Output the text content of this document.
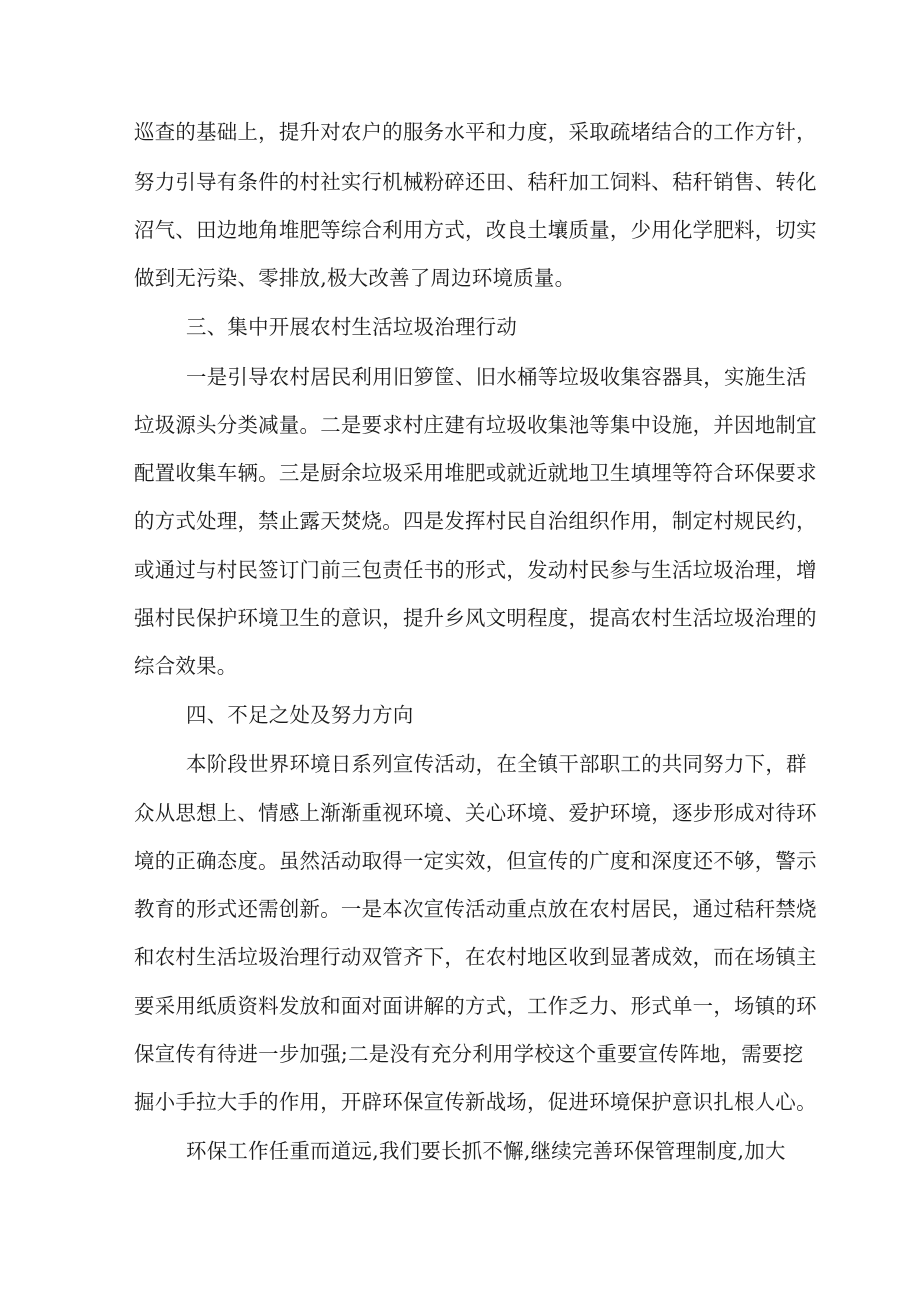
巡查的基础上，提升对农户的服务水平和力度，采取疏堵结合的工作方针，
努力引导有条件的村社实行机械粉碎还田、秸秆加工饲料、秸秆销售、转化
沼气、田边地角堆肥等综合利用方式，改良土壤质量，少用化学肥料，切实
做到无污染、零排放,极大改善了周边环境质量。
三、集中开展农村生活垃圾治理行动
一是引导农村居民利用旧箩筐、旧水桶等垃圾收集容器具，实施生活
垃圾源头分类减量。二是要求村庄建有垃圾收集池等集中设施，并因地制宜
配置收集车辆。三是厨余垃圾采用堆肥或就近就地卫生填埋等符合环保要求
的方式处理，禁止露天焚烧。四是发挥村民自治组织作用，制定村规民约，
或通过与村民签订门前三包责任书的形式，发动村民参与生活垃圾治理，增
强村民保护环境卫生的意识，提升乡风文明程度，提高农村生活垃圾治理的
综合效果。
四、不足之处及努力方向
本阶段世界环境日系列宣传活动，在全镇干部职工的共同努力下，群
众从思想上、情感上渐渐重视环境、关心环境、爱护环境，逐步形成对待环
境的正确态度。虽然活动取得一定实效，但宣传的广度和深度还不够，警示
教育的形式还需创新。一是本次宣传活动重点放在农村居民，通过秸秆禁烧
和农村生活垃圾治理行动双管齐下，在农村地区收到显著成效，而在场镇主
要采用纸质资料发放和面对面讲解的方式，工作乏力、形式单一，场镇的环
保宣传有待进一步加强;二是没有充分利用学校这个重要宣传阵地，需要挖
掘小手拉大手的作用，开辟环保宣传新战场，促进环境保护意识扎根人心。
环保工作任重而道远,我们要长抓不懈,继续完善环保管理制度,加大
